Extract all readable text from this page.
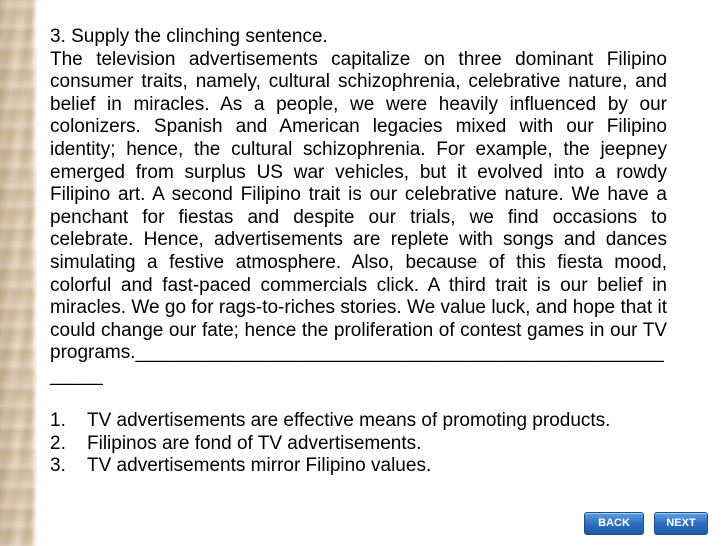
3. Supply the clinching sentence.

The television advertisements capitalize on three dominant Filipino consumer traits, namely, cultural schizophrenia, celebrative nature, and belief in miracles. As a people, we were heavily influenced by our colonizers. Spanish and American legacies mixed with our Filipino identity; hence, the cultural schizophrenia. For example, the jeepney emerged from surplus US war vehicles, but it evolved into a rowdy Filipino art. A second Filipino trait is our celebrative nature. We have a penchant for fiestas and despite our trials, we find occasions to celebrate. Hence, advertisements are replete with songs and dances simulating a festive atmosphere. Also, because of this fiesta mood, colorful and fast-paced commercials click. A third trait is our belief in miracles. We go for rags-to-riches stories. We value luck, and hope that it could change our fate; hence the proliferation of contest games in our TV programs._______________________________________________________

1.	TV advertisements are effective means of promoting products.
2.	Filipinos are fond of TV advertisements.
3.	TV advertisements mirror Filipino values.
BACK	NEXT
